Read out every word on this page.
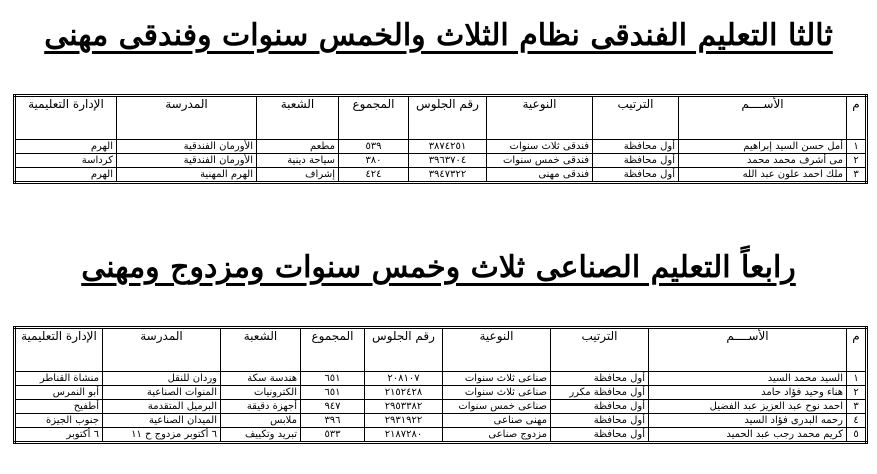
ثالثا التعليم الفندقى نظام الثلاث والخمس سنوات وفندقى مهنى
م	الأســــم	الترتيب	النوعية	رقم الجلوس	المجموع	الشعبة	المدرسة	الإدارة التعليمية
١	أمل حسن السيد إبراهيم	أول محافظة	فندقى ثلاث سنوات	٣٨٧٤٢٥١	٥٣٩	مطعم	الأورمان الفندقية	الهرم
٢	مى أشرف محمد محمد	أول محافظة	فندقى خمس سنوات	٣٩٦٣٧٠٤	٣٨٠	سياحة دينية	الأورمان الفندقية	كرداسة
٣	ملك احمد علون عبد الله	أول محافظة	فندقى مهنى	٣٩٤٧٣٢٢	٤٢٤	إشراف	الهرم المهنية	الهرم
رابعاً التعليم الصناعى ثلاث وخمس سنوات ومزدوج ومهنى
م	الأســــم	الترتيب	النوعية	رقم الجلوس	المجموع	الشعبة	المدرسة	الإدارة التعليمية
١	السيد محمد السيد	أول محافظة	صناعى ثلاث سنوات	٢٠٨١٠٧	٦٥١	هندسة سكة	وردان للنقل	منشاة القناطر
٢	هناء وحيد فؤاد حامد	أول محافظة مكرر	صناعى ثلاث سنوات	٢١٥٢٤٢٨	٦٥١	الكترونيات	المنوات الصناعية	أبو النمرس
٣	احمد نوح عبد العزيز عبد الفضيل	أول محافظة	صناعى خمس سنوات	٢٩٥٣٣٨٢	٩٤٧	أجهزة دقيقة	البرميل المتقدمة	أطفيح
٤	رحمه البدرى فؤاد السيد	أول محافظة	مهنى صناعى	٢٩٣١٩٢٢	٣٩٦	ملابس	الميدان الصناعية	جنوب الجيزة
٥	كريم محمد رجب عبد الحميد	أول محافظة	مزدوج صناعى	٢١٨٧٢٨٠	٥٣٣	تبريد وتكييف	٦ أكتوبر مزدوج ح ١١	٦ أكتوبر
